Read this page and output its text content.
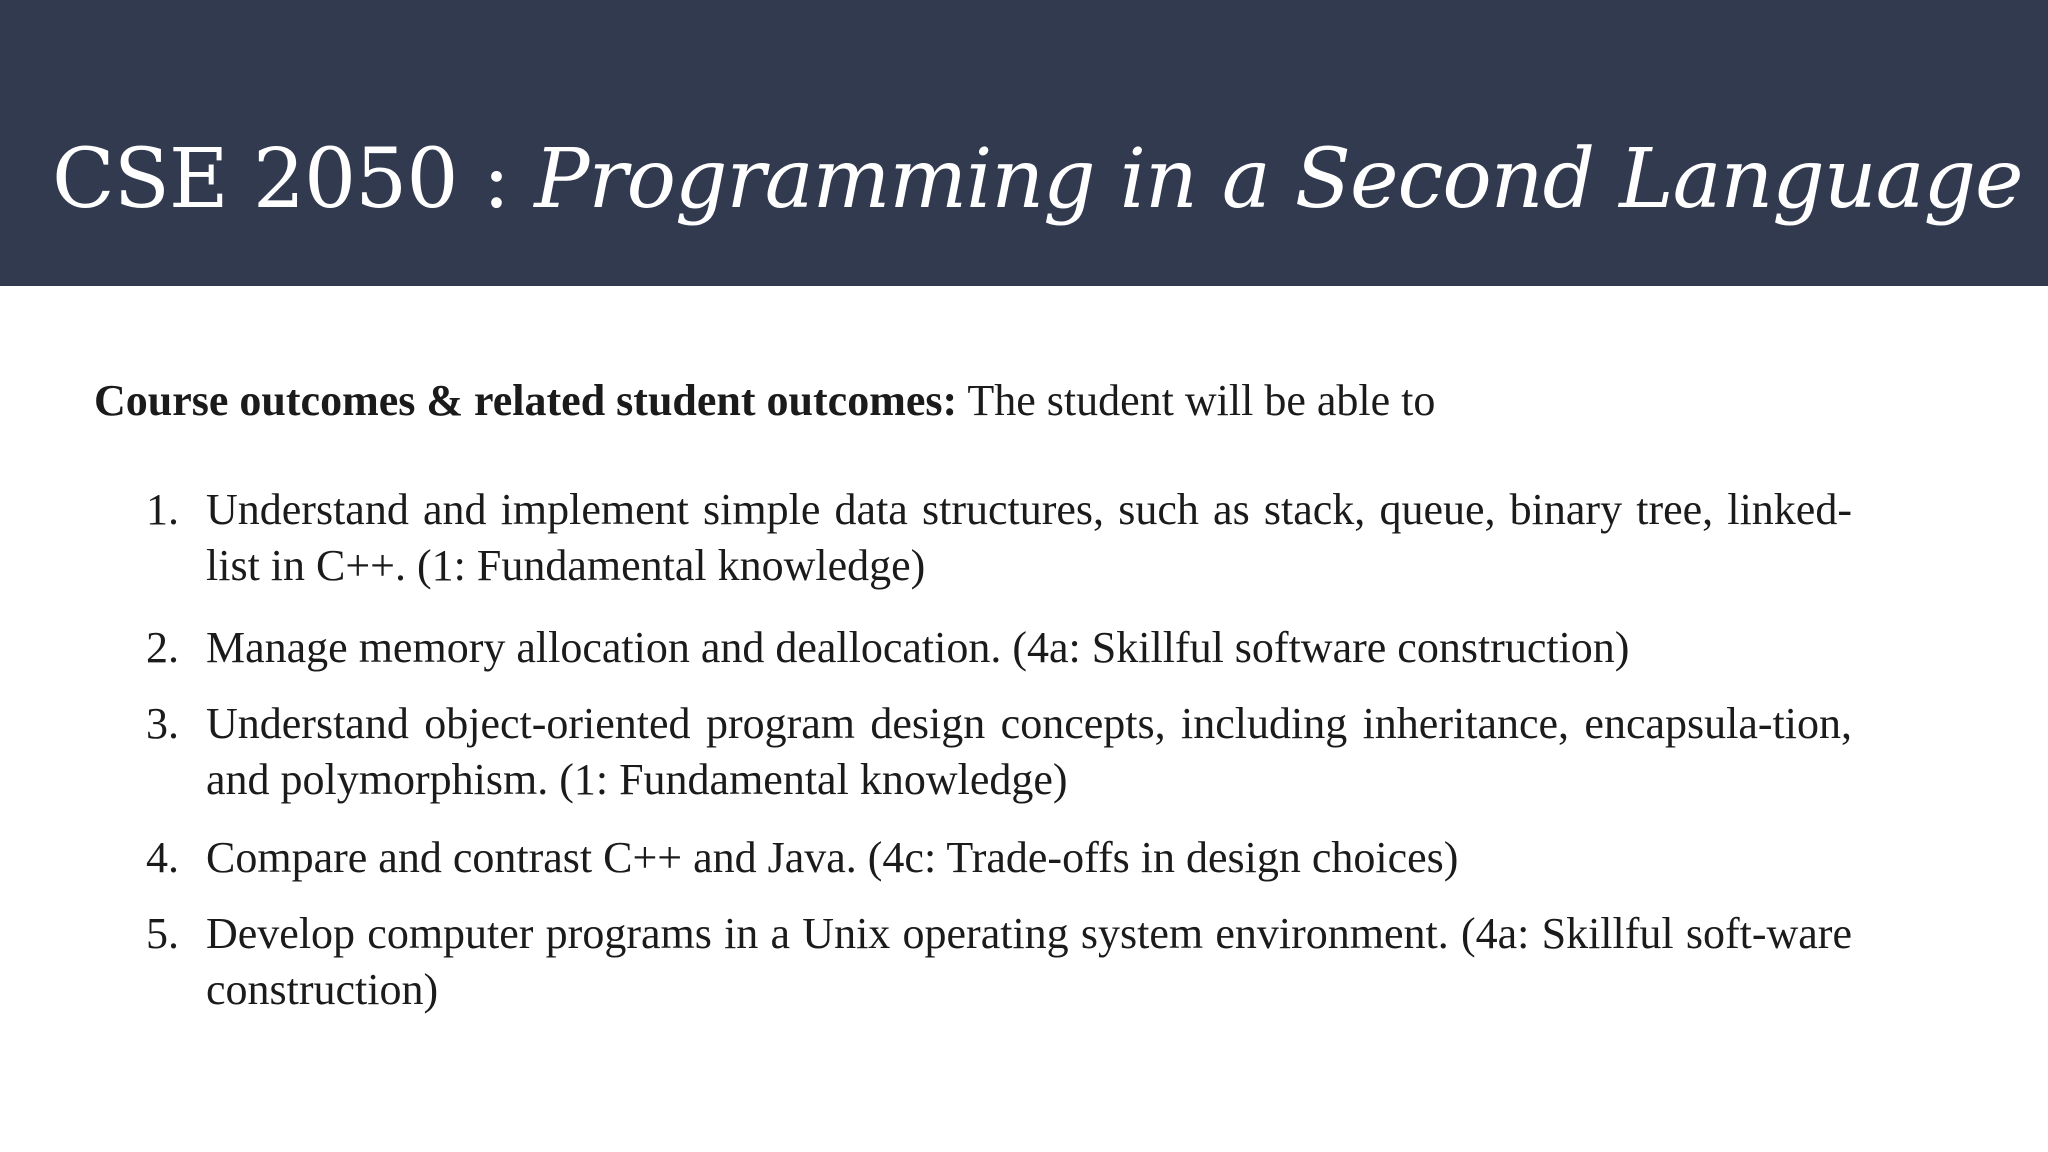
CSE 2050 : Programming in a Second Language

Course outcomes & related student outcomes: The student will be able to

1. Understand and implement simple data structures, such as stack, queue, binary tree, linked-list in C++. (1: Fundamental knowledge)
2. Manage memory allocation and deallocation. (4a: Skillful software construction)
3. Understand object-oriented program design concepts, including inheritance, encapsula-tion, and polymorphism. (1: Fundamental knowledge)
4. Compare and contrast C++ and Java. (4c: Trade-offs in design choices)
5. Develop computer programs in a Unix operating system environment. (4a: Skillful soft-ware construction)
